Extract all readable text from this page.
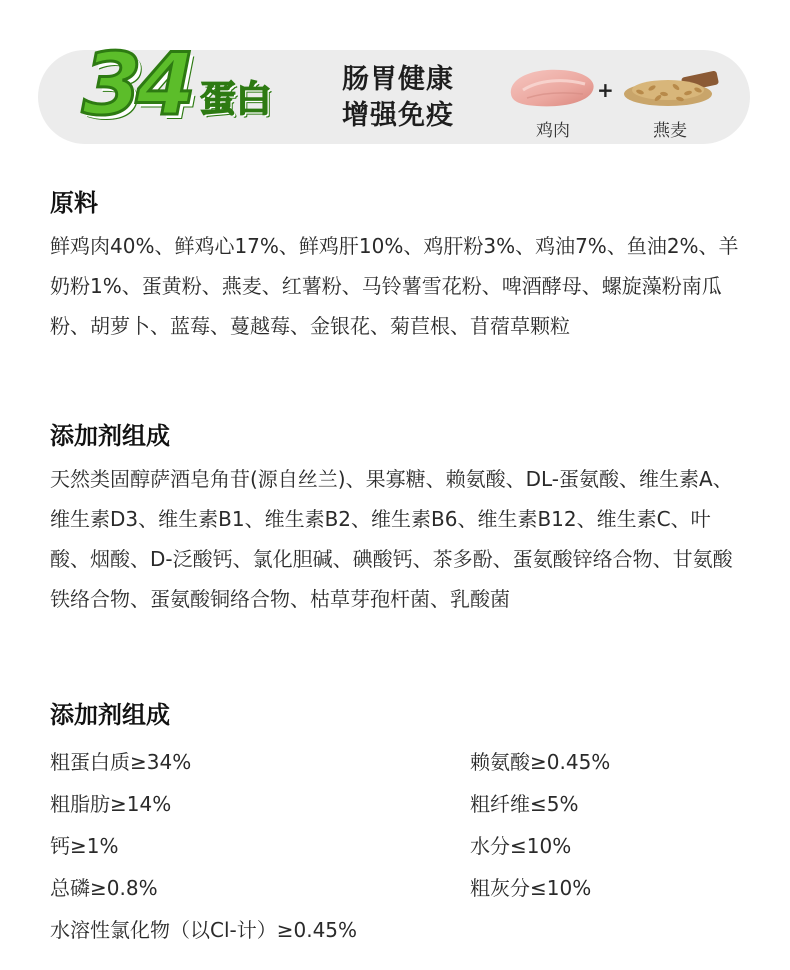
34 蛋白	肠胃健康
增强免疫	鸡肉
+
燕麦
原料

鲜鸡肉40%、鲜鸡心17%、鲜鸡肝10%、鸡肝粉3%、鸡油7%、鱼油2%、羊奶粉1%、蛋黄粉、燕麦、红薯粉、马铃薯雪花粉、啤酒酵母、螺旋藻粉南瓜粉、胡萝卜、蓝莓、蔓越莓、金银花、菊苣根、苜蓿草颗粒

添加剂组成

天然类固醇萨酒皂角苷(源自丝兰)、果寡糖、赖氨酸、DL-蛋氨酸、维生素A、维生素D3、维生素B1、维生素B2、维生素B6、维生素B12、维生素C、叶酸、烟酸、D-泛酸钙、氯化胆碱、碘酸钙、茶多酚、蛋氨酸锌络合物、甘氨酸铁络合物、蛋氨酸铜络合物、枯草芽孢杆菌、乳酸菌

添加剂组成
粗蛋白质≥34%	赖氨酸≥0.45%
粗脂肪≥14%	粗纤维≤5%
钙≥1%	水分≤10%
总磷≥0.8%	粗灰分≤10%
水溶性氯化物（以Cl-计）≥0.45%
